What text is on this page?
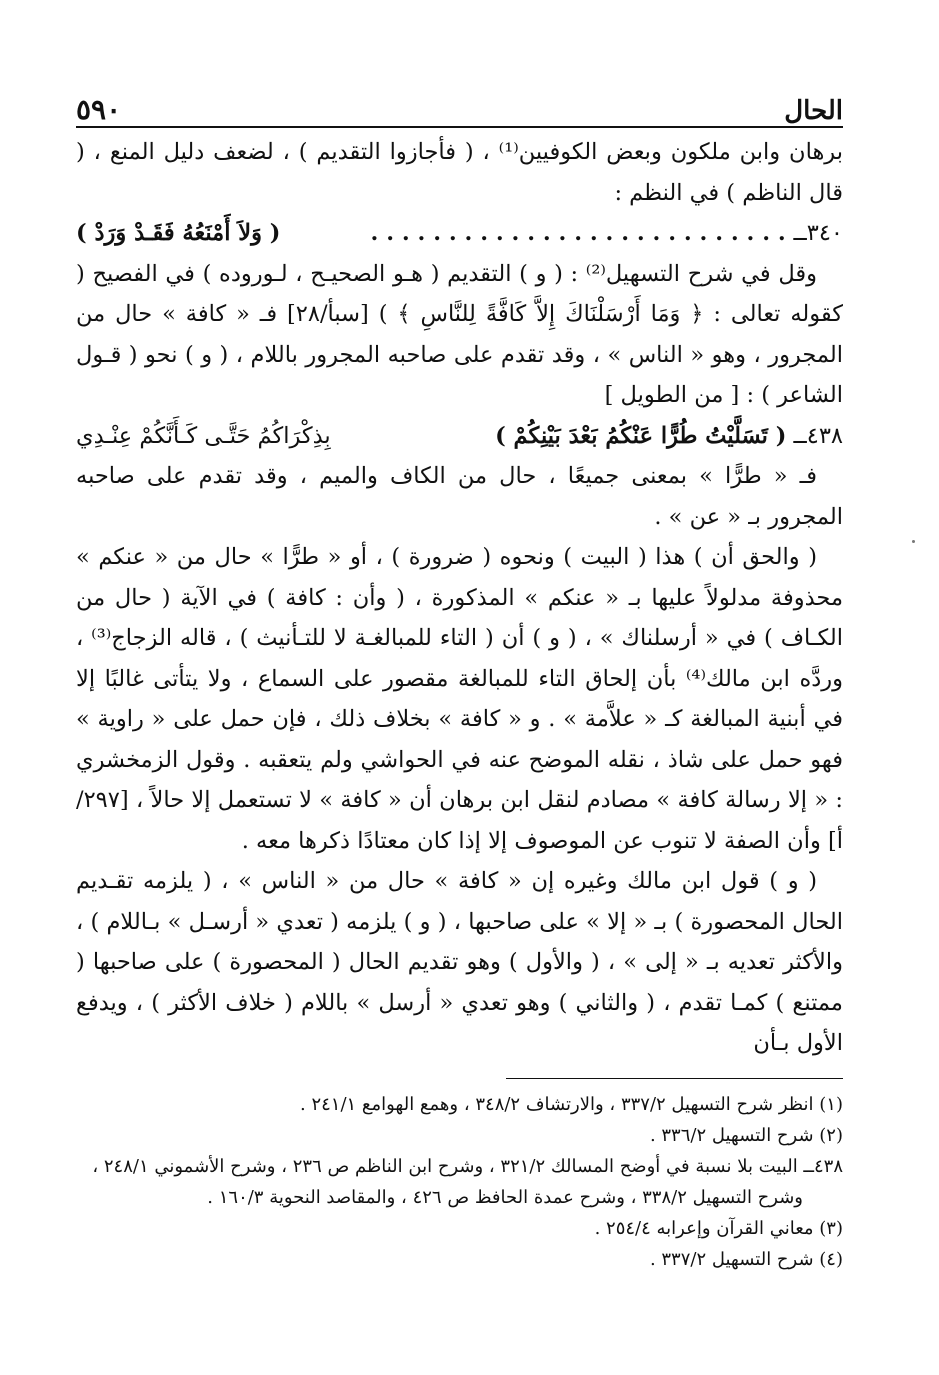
الحال
٥٩٠

برهان وابن ملكون وبعض الكوفيين⁽¹⁾ ، ( فأجازوا التقديم ) ، لضعف دليل المنع ، ( قال الناظم ) في النظم :

٣٤٠ــ . . . . . . . . . . . . . . . . . . . . . . . . . . .
( وَلاَ أَمْنَعُهُ فَقَـدْ وَرَدْ )

وقل في شرح التسهيل⁽²⁾ : ( و ) التقديم ( هـو الصحيـح ، لـوروده ) في الفصيح ( كقوله تعالى : ﴿ وَمَا أَرْسَلْنَاكَ إِلاَّ كَافَّةً لِلنَّاسِ ﴾ ) [سبأ/٢٨] فـ « كافة » حال من المجرور ، وهو « الناس » ، وقد تقدم على صاحبه المجرور باللام ، ( و ) نحو ( قـول الشاعر ) : [ من الطويل ]

٤٣٨ــ ( تَسَلَّيْتُ طُرًّا عَنْكُمُ بَعْدَ بَيْنِكُمْ )
بِذِكْرَاكُمُ حَتَّـى كَـأَنَّكُمْ عِنْـدِي

فـ « طرًّا » بمعنى جميعًا ، حال من الكاف والميم ، وقد تقدم على صاحبه المجرور بـ « عن » .

( والحق أن ) هذا ( البيت ) ونحوه ( ضرورة ) ، أو « طرًّا » حال من « عنكم » محذوفة مدلولاً عليها بـ « عنكم » المذكورة ، ( وأن : كافة ) في الآية ( حال من الكـاف ) في « أرسلناك » ، ( و ) أن ( التاء للمبالغـة لا للتـأنيث ) ، قاله الزجاج⁽³⁾ ، وردَّه ابن مالك⁽⁴⁾ بأن إلحاق التاء للمبالغة مقصور على السماع ، ولا يتأتى غالبًا إلا في أبنية المبالغة كـ « علاَّمة » . و « كافة » بخلاف ذلك ، فإن حمل على « راوية » فهو حمل على شاذ ، نقله الموضح عنه في الحواشي ولم يتعقبه . وقول الزمخشري : « إلا رسالة كافة » مصادم لنقل ابن برهان أن « كافة » لا تستعمل إلا حالاً ، [٢٩٧/أ] وأن الصفة لا تنوب عن الموصوف إلا إذا كان معتادًا ذكرها معه .

( و ) قول ابن مالك وغيره إن « كافة » حال من « الناس » ، ( يلزمه تقـديم الحال المحصورة ) بـ « إلا » على صاحبها ، ( و ) يلزمه ( تعدي « أرسـل » بـاللام ) ، والأكثر تعديه بـ « إلى » ، ( والأول ) وهو تقديم الحال ( المحصورة ) على صاحبها ( ممتنع ) كمـا تقدم ، ( والثاني ) وهو تعدي « أرسل » باللام ( خلاف الأكثر ) ، ويدفع الأول بـأن

(١) انظر شرح التسهيل ٣٣٧/٢ ، والارتشاف ٣٤٨/٢ ، وهمع الهوامع ٢٤١/١ .

(٢) شرح التسهيل ٣٣٦/٢ .

٤٣٨ــ البيت بلا نسبة في أوضح المسالك ٣٢١/٢ ، وشرح ابن الناظم ص ٢٣٦ ، وشرح الأشموني ٢٤٨/١ ،

وشرح التسهيل ٣٣٨/٢ ، وشرح عمدة الحافظ ص ٤٢٦ ، والمقاصد النحوية ١٦٠/٣ .

(٣) معاني القرآن وإعرابه ٢٥٤/٤ .

(٤) شرح التسهيل ٣٣٧/٢ .
